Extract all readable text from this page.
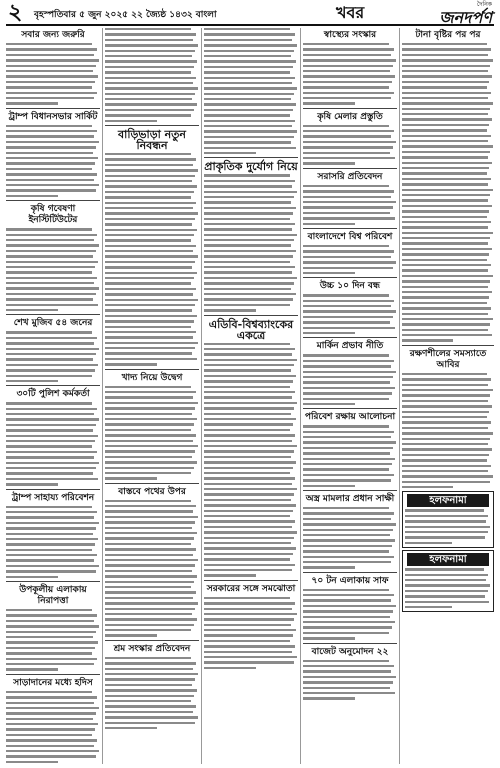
২ বৃহস্পতিবার ৫ জুন ২০২৫ ২২ জ্যৈষ্ঠ ১৪৩২ বাংলা	খবর	দৈনিক
জনদর্পণ
সবার জন্য জরুরি
ট্রাম্প বিধানসভার সার্কিট
কৃষি গবেষণা ইনস্টিটিউটের
শেখ মুজিব ৫৪ জনের
৩০টি পুলিশ কর্মকর্তা
ট্রাম্প সাহায্য পরিবেশন
উপকূলীয় এলাকায় নিরাপত্তা
সাড়াদানের মধ্যে হদিস
বাড়িভাড়া নতুন নিবন্ধন
খাদ্য নিয়ে উদ্বেগ
বাস্তবে পথের উপর
শ্রম সংস্কার প্রতিবেদন
প্রাকৃতিক দুর্যোগ নিয়ে
এডিবি-বিশ্বব্যাংকের একত্রে
সরকারের সঙ্গে সমঝোতা
স্বাস্থ্যের সংস্কার
কৃষি মেলার প্রস্তুতি
সরাসরি প্রতিবেদন
বাংলাদেশে বিশ্ব পরিবেশ
উচ্চ ১০ দিন বন্ধ
মার্কিন প্রভাব নীতি
পরিবেশ রক্ষায় আলোচনা
অস্ত্র মামলার প্রধান সাক্ষী
৭০ টন এলাকায় সাফ
বাজেট অনুমোদন ২২
টানা বৃষ্টির পর পর
রক্ষণশীলের সমস্যাতে আবির
হলফনামা
হলফনামা
